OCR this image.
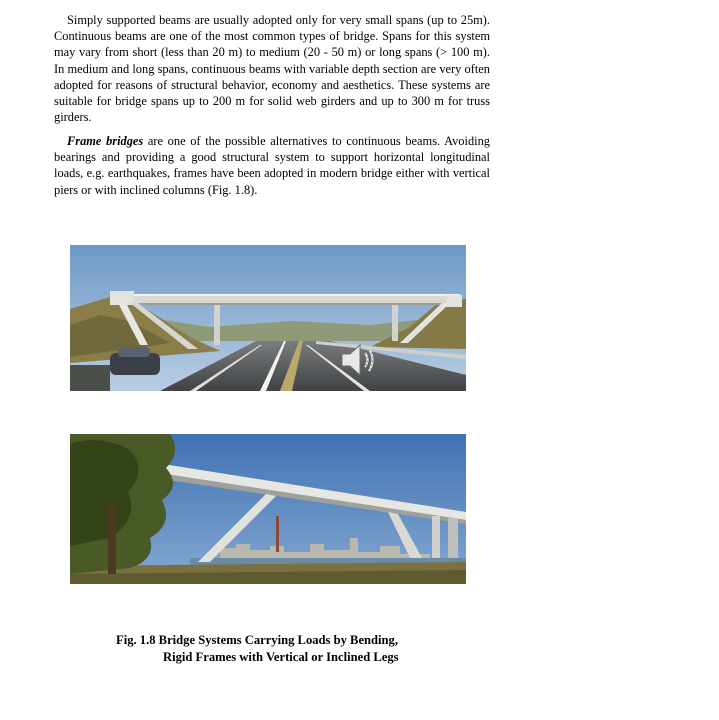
Simply supported beams are usually adopted only for very small spans (up to 25m). Continuous beams are one of the most common types of bridge. Spans for this system may vary from short (less than 20 m) to medium (20 - 50 m) or long spans (> 100 m). In medium and long spans, continuous beams with variable depth section are very often adopted for reasons of structural behavior, economy and aesthetics. These systems are suitable for bridge spans up to 200 m for solid web girders and up to 300 m for truss girders.

Frame bridges are one of the possible alternatives to continuous beams. Avoiding bearings and providing a good structural system to support horizontal longitudinal loads, e.g. earthquakes, frames have been adopted in modern bridge either with vertical piers or with inclined columns (Fig. 1.8).

Fig. 1.8 Bridge Systems Carrying Loads by Bending,

Rigid Frames with Vertical or Inclined Legs
